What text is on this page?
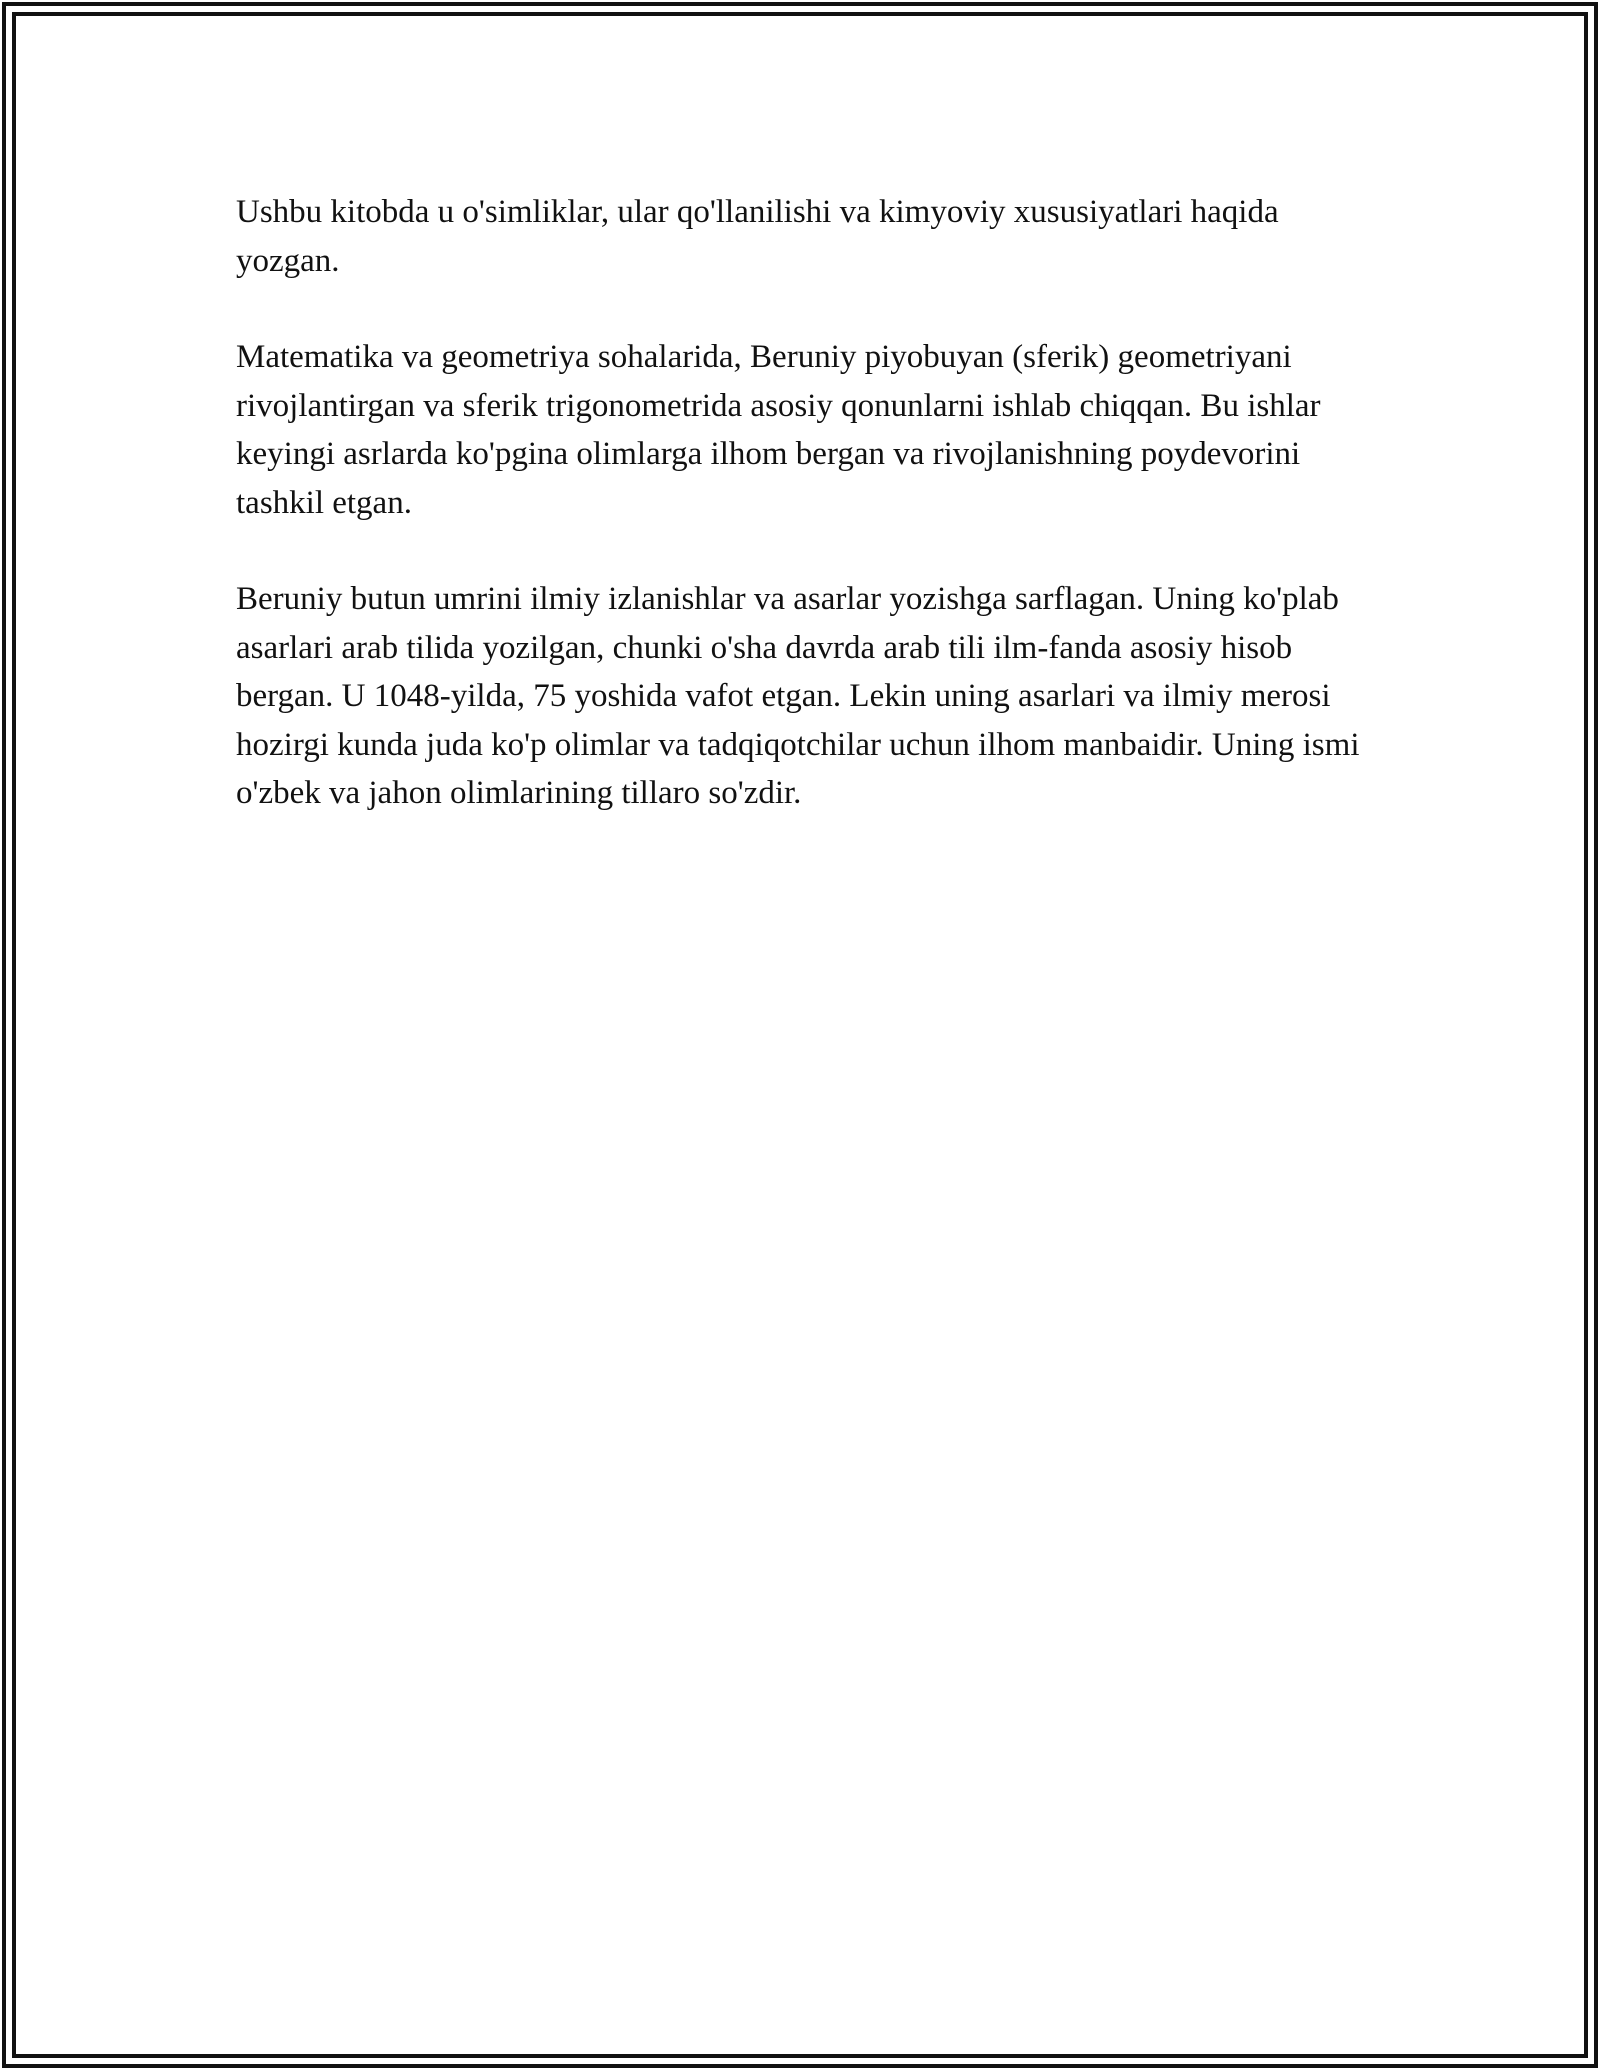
Ushbu kitobda u o'simliklar, ular qo'llanilishi va kimyoviy xususiyatlari haqida yozgan.

Matematika va geometriya sohalarida, Beruniy piyobuyan (sferik) geometriyani rivojlantirgan va sferik trigonometrida asosiy qonunlarni ishlab chiqqan. Bu ishlar keyingi asrlarda ko'pgina olimlarga ilhom bergan va rivojlanishning poydevorini tashkil etgan.

Beruniy butun umrini ilmiy izlanishlar va asarlar yozishga sarflagan. Uning ko'plab asarlari arab tilida yozilgan, chunki o'sha davrda arab tili ilm-fanda asosiy hisob bergan. U 1048-yilda, 75 yoshida vafot etgan. Lekin uning asarlari va ilmiy merosi hozirgi kunda juda ko'p olimlar va tadqiqotchilar uchun ilhom manbaidir. Uning ismi o'zbek va jahon olimlarining tillaro so'zdir.
